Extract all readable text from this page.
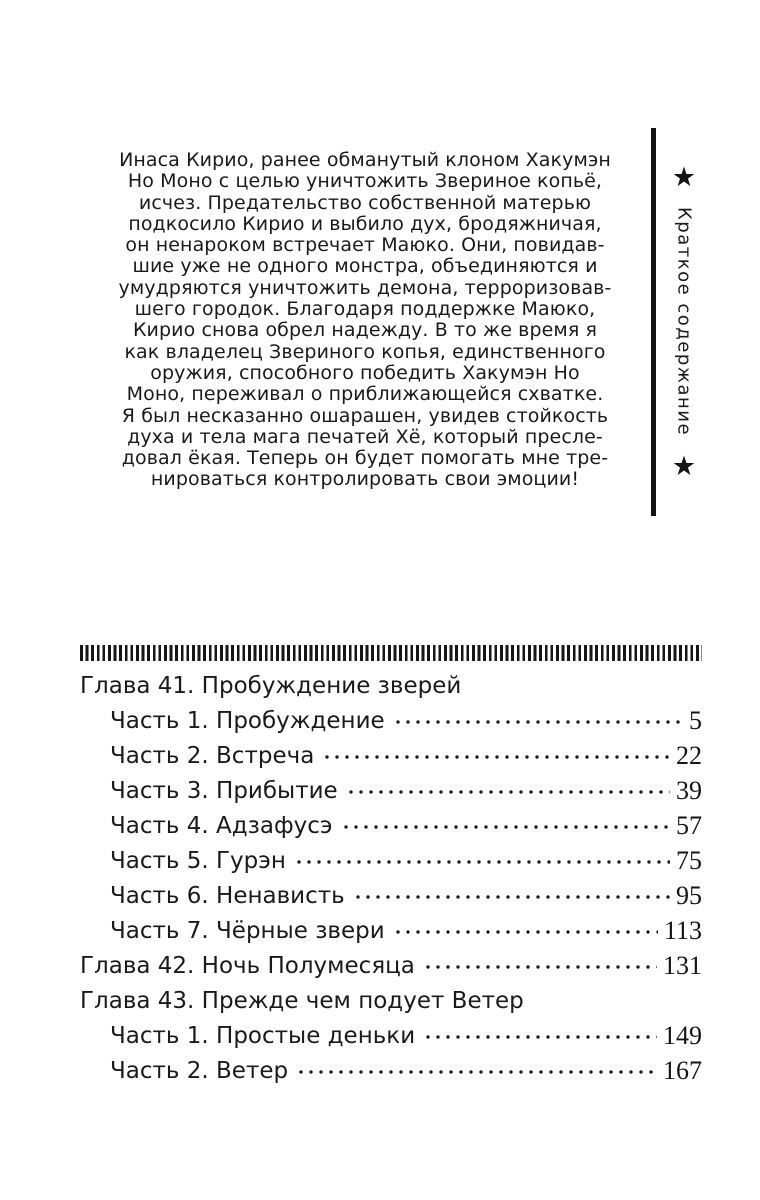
Инаса Кирио, ранее обманутый клоном Хакумэн
Но Моно с целью уничтожить Звериное копьё,
исчез. Предательство собственной матерью
подкосило Кирио и выбило дух, бродяжничая,
он ненароком встречает Маюко. Они, повидав-
шие уже не одного монстра, объединяются и
умудряются уничтожить демона, терроризовав-
шего городок. Благодаря поддержке Маюко,
Кирио снова обрел надежду. В то же время я
как владелец Звериного копья, единственного
оружия, способного победить Хакумэн Но
Моно, переживал о приближающейся схватке.
Я был несказанно ошарашен, увидев стойкость
духа и тела мага печатей Хё, который пресле-
довал ёкая. Теперь он будет помогать мне тре-
нироваться контролировать свои эмоции!
★
Краткое содержание
★
Глава 41. Пробуждение зверей
Часть 1. Пробуждение	5
Часть 2. Встреча	22
Часть 3. Прибытие	39
Часть 4. Адзафусэ	57
Часть 5. Гурэн	75
Часть 6. Ненависть	95
Часть 7. Чёрные звери	113
Глава 42. Ночь Полумесяца	131
Глава 43. Прежде чем подует Ветер
Часть 1. Простые деньки	149
Часть 2. Ветер	167
